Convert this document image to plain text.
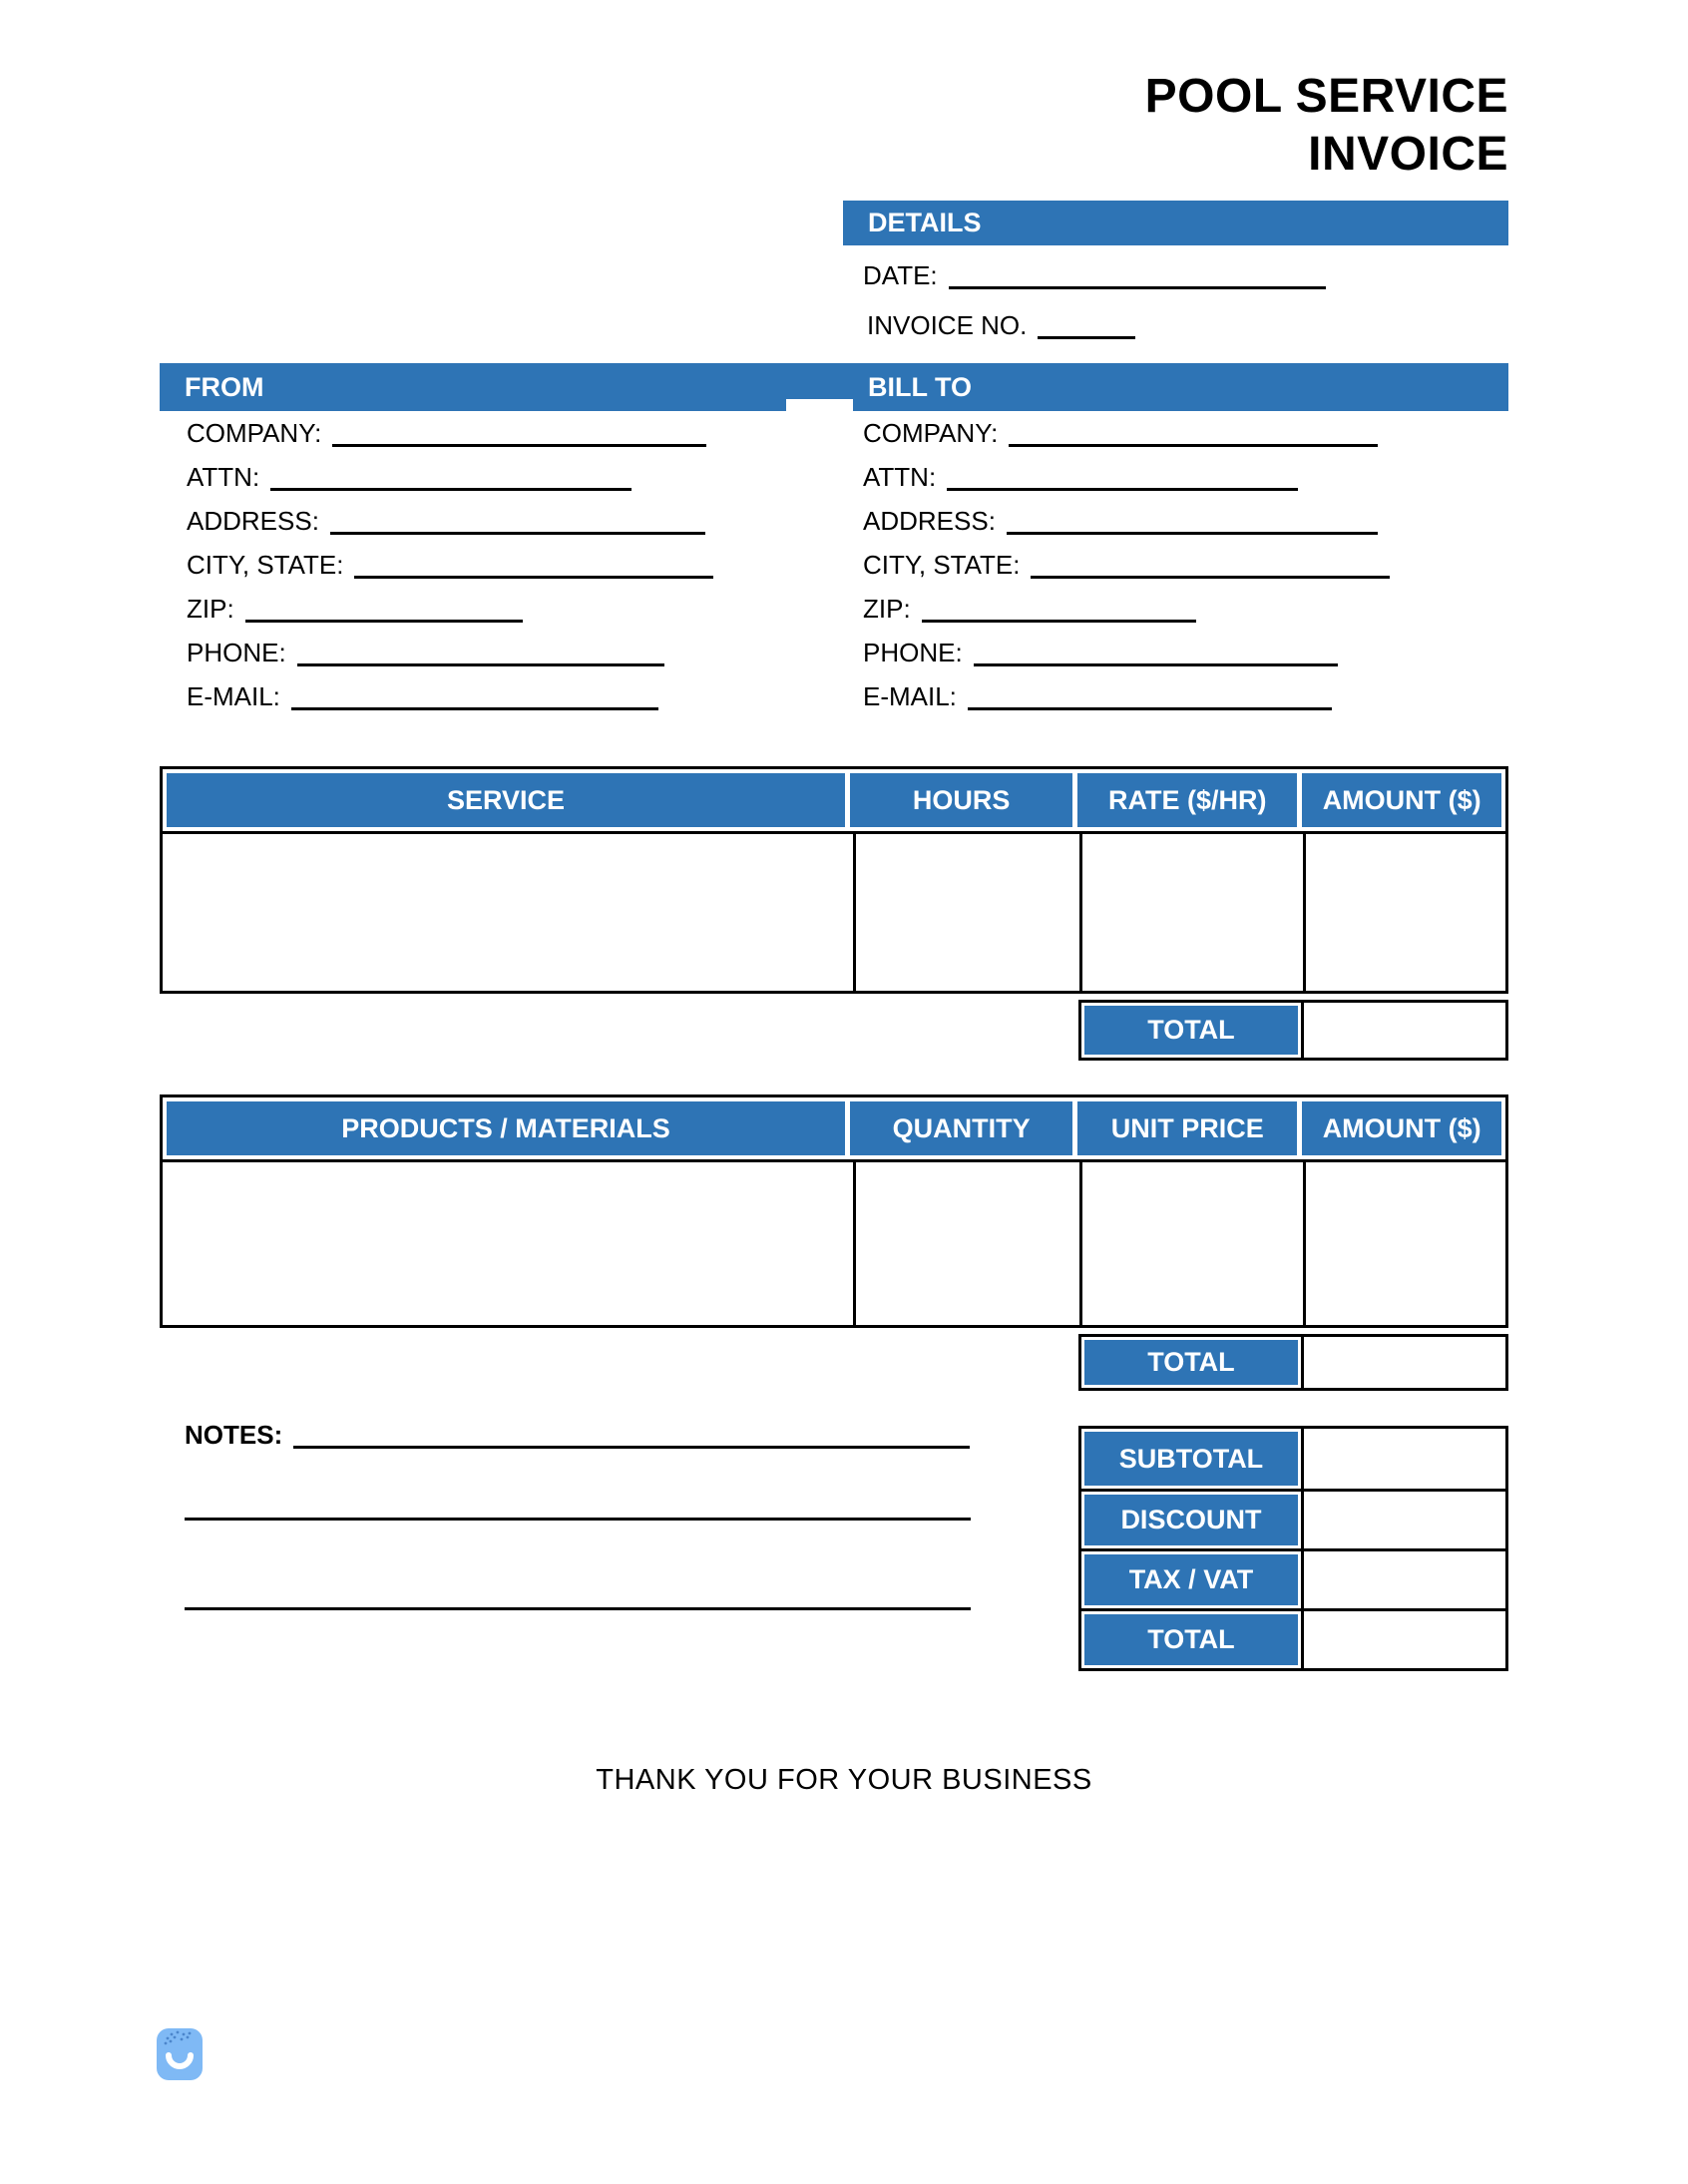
POOL SERVICE
INVOICE
DETAILS
DATE:
INVOICE NO.
FROM	BILL TO
COMPANY:
ATTN:
ADDRESS:
CITY, STATE:
ZIP:
PHONE:
E-MAIL:
COMPANY:
ATTN:
ADDRESS:
CITY, STATE:
ZIP:
PHONE:
E-MAIL:
SERVICE	HOURS	RATE ($/HR)	AMOUNT ($)
TOTAL
PRODUCTS / MATERIALS	QUANTITY	UNIT PRICE	AMOUNT ($)
TOTAL
NOTES:
SUBTOTAL
DISCOUNT
TAX / VAT
TOTAL
THANK YOU FOR YOUR BUSINESS
